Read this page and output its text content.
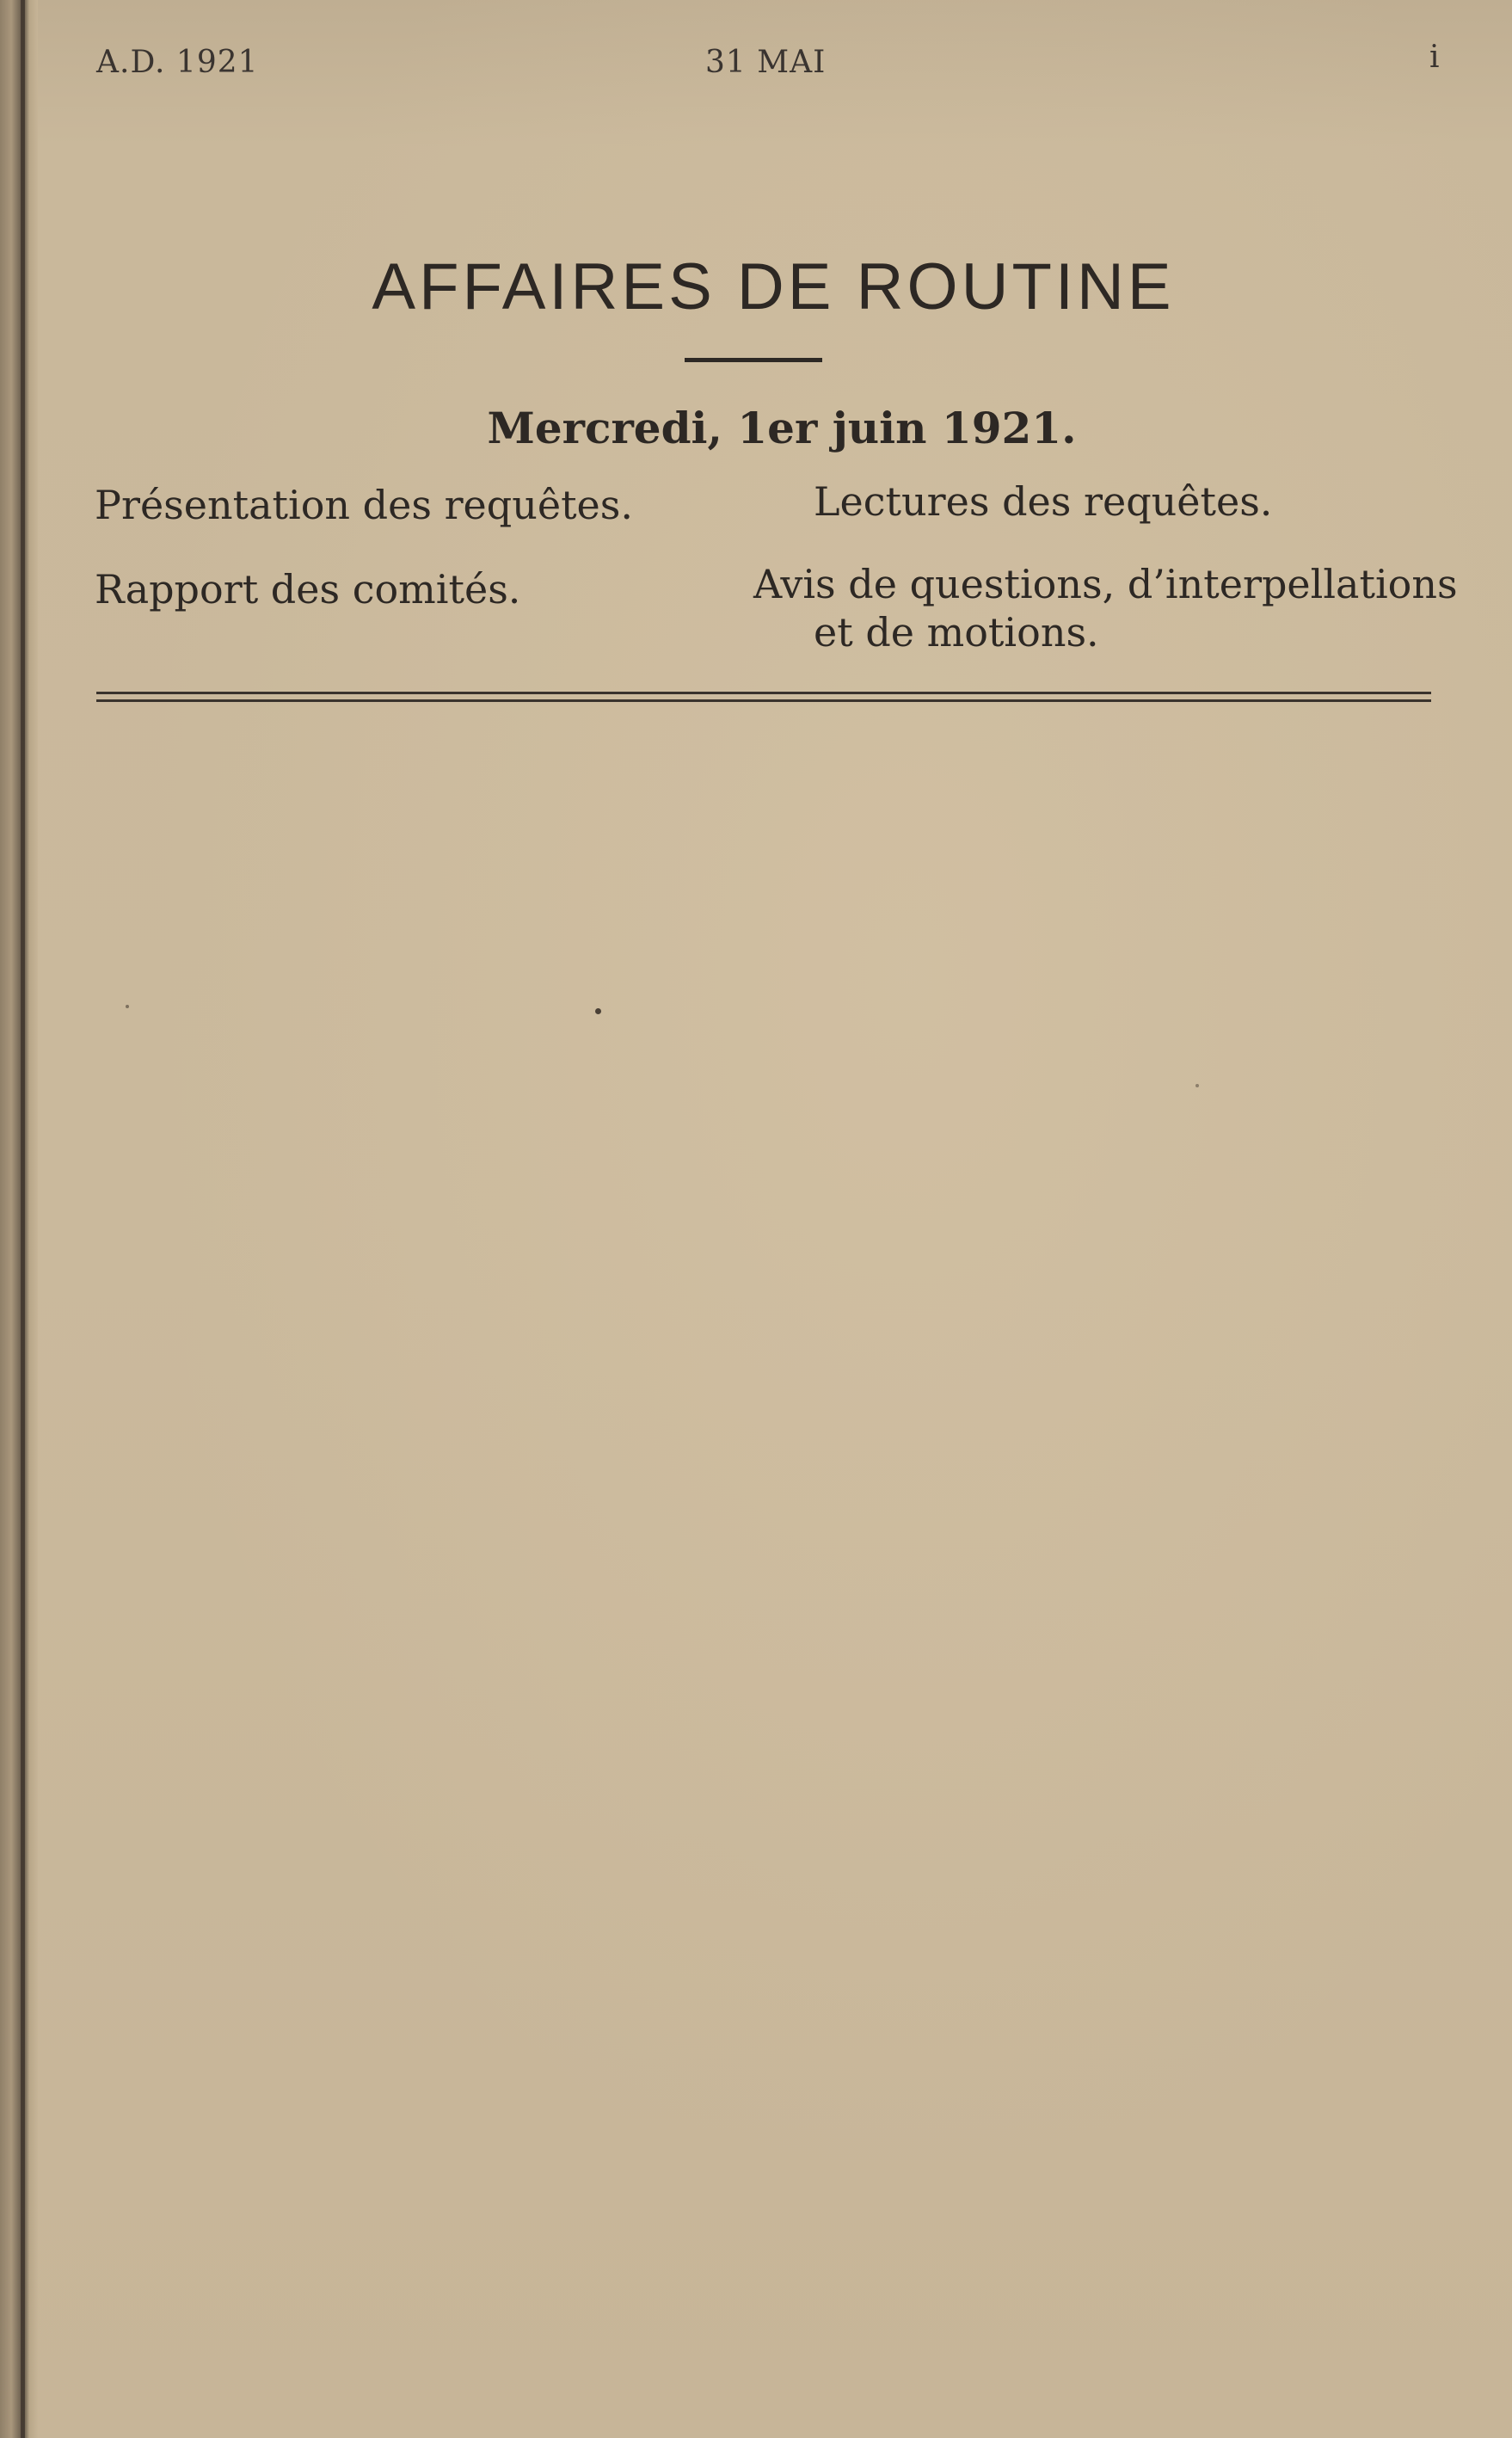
A.D. 1921	31 MAI	i
AFFAIRES DE ROUTINE
Mercredi, 1er juin 1921.
Présentation des requêtes.	Lectures des requêtes.
Rapport des comités.	Avis de questions, d’interpellations
et de motions.
